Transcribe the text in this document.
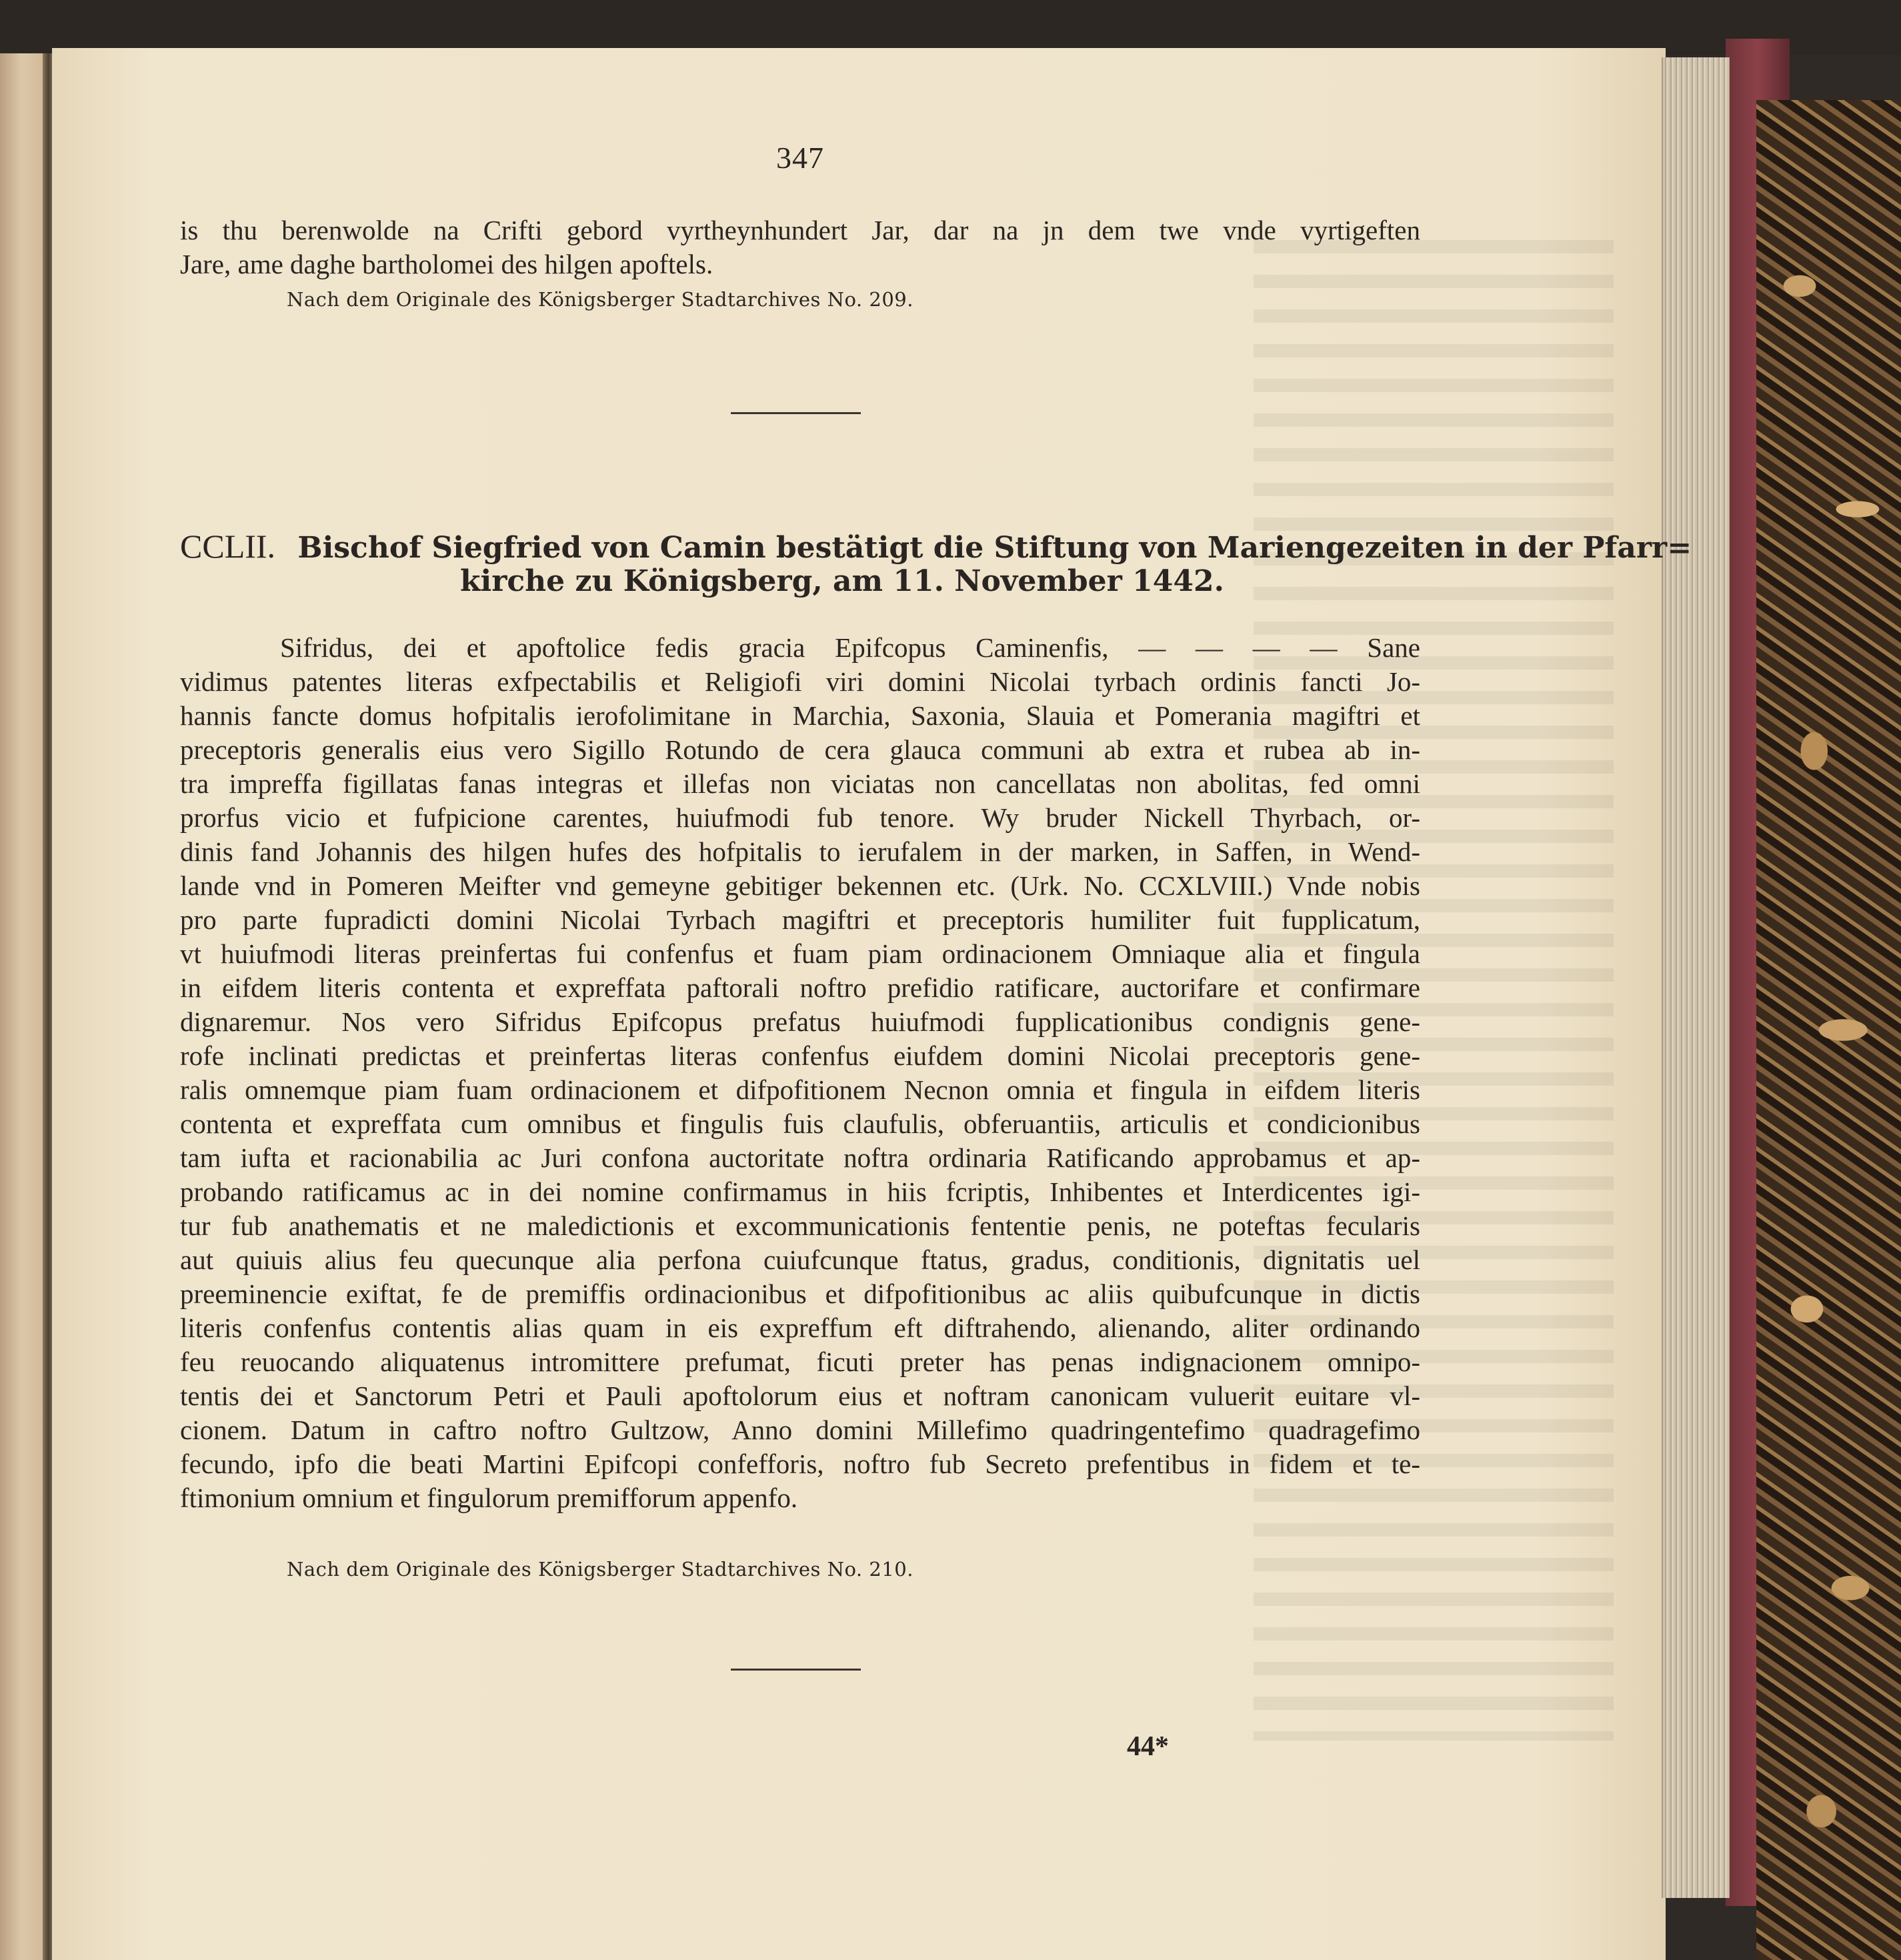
347
is thu berenwolde na Crifti gebord vyrtheynhundert Jar, dar na jn dem twe vnde vyrtigeften
Jare, ame daghe bartholomei des hilgen apoftels.
Nach dem Originale des Königsberger Stadtarchives No. 209.
CCLII. Bischof Siegfried von Camin bestätigt die Stiftung von Mariengezeiten in der Pfarr=
kirche zu Königsberg, am 11. November 1442.
Sifridus, dei et apoftolice fedis gracia Epifcopus Caminenfis, — — — — Sane
vidimus patentes literas exfpectabilis et Religiofi viri domini Nicolai tyrbach ordinis fancti Jo-
hannis fancte domus hofpitalis ierofolimitane in Marchia, Saxonia, Slauia et Pomerania magiftri et
preceptoris generalis eius vero Sigillo Rotundo de cera glauca communi ab extra et rubea ab in-
tra impreffa figillatas fanas integras et illefas non viciatas non cancellatas non abolitas, fed omni
prorfus vicio et fufpicione carentes, huiufmodi fub tenore. Wy bruder Nickell Thyrbach, or-
dinis fand Johannis des hilgen hufes des hofpitalis to ierufalem in der marken, in Saffen, in Wend-
lande vnd in Pomeren Meifter vnd gemeyne gebitiger bekennen etc. (Urk. No. CCXLVIII.) Vnde nobis
pro parte fupradicti domini Nicolai Tyrbach magiftri et preceptoris humiliter fuit fupplicatum,
vt huiufmodi literas preinfertas fui confenfus et fuam piam ordinacionem Omniaque alia et fingula
in eifdem literis contenta et expreffata paftorali noftro prefidio ratificare, auctorifare et confirmare
dignaremur. Nos vero Sifridus Epifcopus prefatus huiufmodi fupplicationibus condignis gene-
rofe inclinati predictas et preinfertas literas confenfus eiufdem domini Nicolai preceptoris gene-
ralis omnemque piam fuam ordinacionem et difpofitionem Necnon omnia et fingula in eifdem literis
contenta et expreffata cum omnibus et fingulis fuis claufulis, obferuantiis, articulis et condicionibus
tam iufta et racionabilia ac Juri confona auctoritate noftra ordinaria Ratificando approbamus et ap-
probando ratificamus ac in dei nomine confirmamus in hiis fcriptis, Inhibentes et Interdicentes igi-
tur fub anathematis et ne maledictionis et excommunicationis fententie penis, ne poteftas fecularis
aut quiuis alius feu quecunque alia perfona cuiufcunque ftatus, gradus, conditionis, dignitatis uel
preeminencie exiftat, fe de premiffis ordinacionibus et difpofitionibus ac aliis quibufcunque in dictis
literis confenfus contentis alias quam in eis expreffum eft diftrahendo, alienando, aliter ordinando
feu reuocando aliquatenus intromittere prefumat, ficuti preter has penas indignacionem omnipo-
tentis dei et Sanctorum Petri et Pauli apoftolorum eius et noftram canonicam vuluerit euitare vl-
cionem. Datum in caftro noftro Gultzow, Anno domini Millefimo quadringentefimo quadragefimo
fecundo, ipfo die beati Martini Epifcopi confefforis, noftro fub Secreto prefentibus in fidem et te-
ftimonium omnium et fingulorum premifforum appenfo.
Nach dem Originale des Königsberger Stadtarchives No. 210.
44*
